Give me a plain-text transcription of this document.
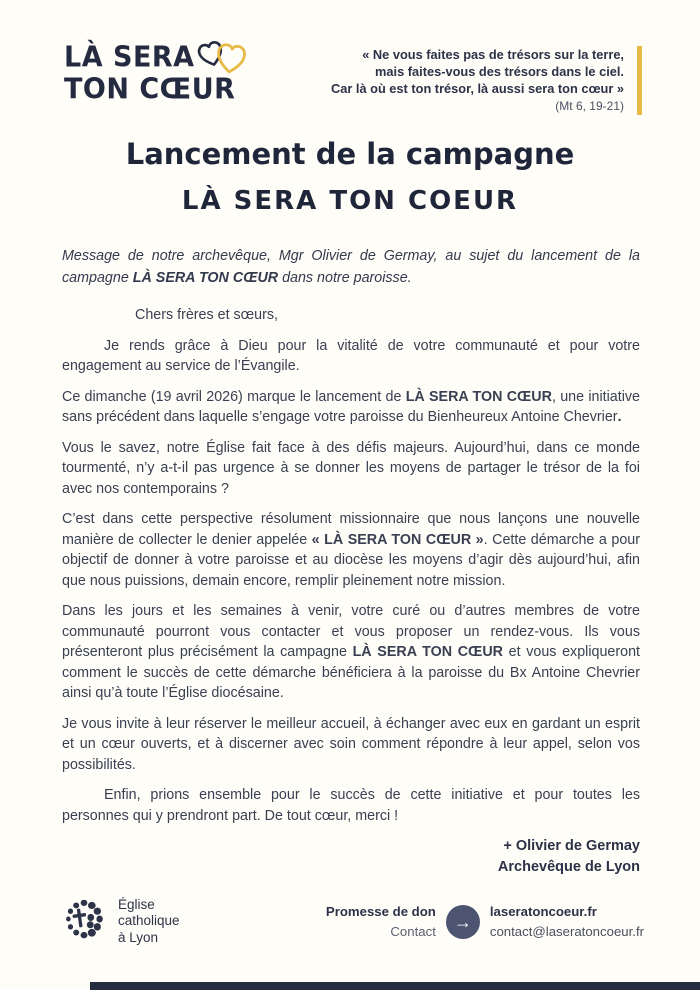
LÀ SERA
TON CŒUR
« Ne vous faites pas de trésors sur la terre,
mais faites-vous des trésors dans le ciel.
Car là où est ton trésor, là aussi sera ton cœur »
(Mt 6, 19-21)
Lancement de la campagne
LÀ SERA TON COEUR

Message de notre archevêque, Mgr Olivier de Germay, au sujet du lancement de la campagne LÀ SERA TON CŒUR dans notre paroisse.

Chers frères et sœurs,

Je rends grâce à Dieu pour la vitalité de votre communauté et pour votre engagement au service de l’Évangile.

Ce dimanche (19 avril 2026) marque le lancement de LÀ SERA TON CŒUR, une initiative sans précédent dans laquelle s’engage votre paroisse du Bienheureux Antoine Chevrier.

Vous le savez, notre Église fait face à des défis majeurs. Aujourd’hui, dans ce monde tourmenté, n’y a-t-il pas urgence à se donner les moyens de partager le trésor de la foi avec nos contemporains ?

C’est dans cette perspective résolument missionnaire que nous lançons une nouvelle manière de collecter le denier appelée « LÀ SERA TON CŒUR ». Cette démarche a pour objectif de donner à votre paroisse et au diocèse les moyens d’agir dès aujourd’hui, afin que nous puissions, demain encore, remplir pleinement notre mission.

Dans les jours et les semaines à venir, votre curé ou d’autres membres de votre communauté pourront vous contacter et vous proposer un rendez-vous. Ils vous présenteront plus précisément la campagne LÀ SERA TON CŒUR et vous expliqueront comment le succès de cette démarche bénéficiera à la paroisse du Bx Antoine Chevrier ainsi qu’à toute l’Église diocésaine.

Je vous invite à leur réserver le meilleur accueil, à échanger avec eux en gardant un esprit et un cœur ouverts, et à discerner avec soin comment répondre à leur appel, selon vos possibilités.

Enfin, prions ensemble pour le succès de cette initiative et pour toutes les personnes qui y prendront part. De tout cœur, merci !

+ Olivier de Germay
Archevêque de Lyon
Église
catholique
à Lyon
Promesse de don
Contact →
laseratoncoeur.fr
contact@laseratoncoeur.fr
